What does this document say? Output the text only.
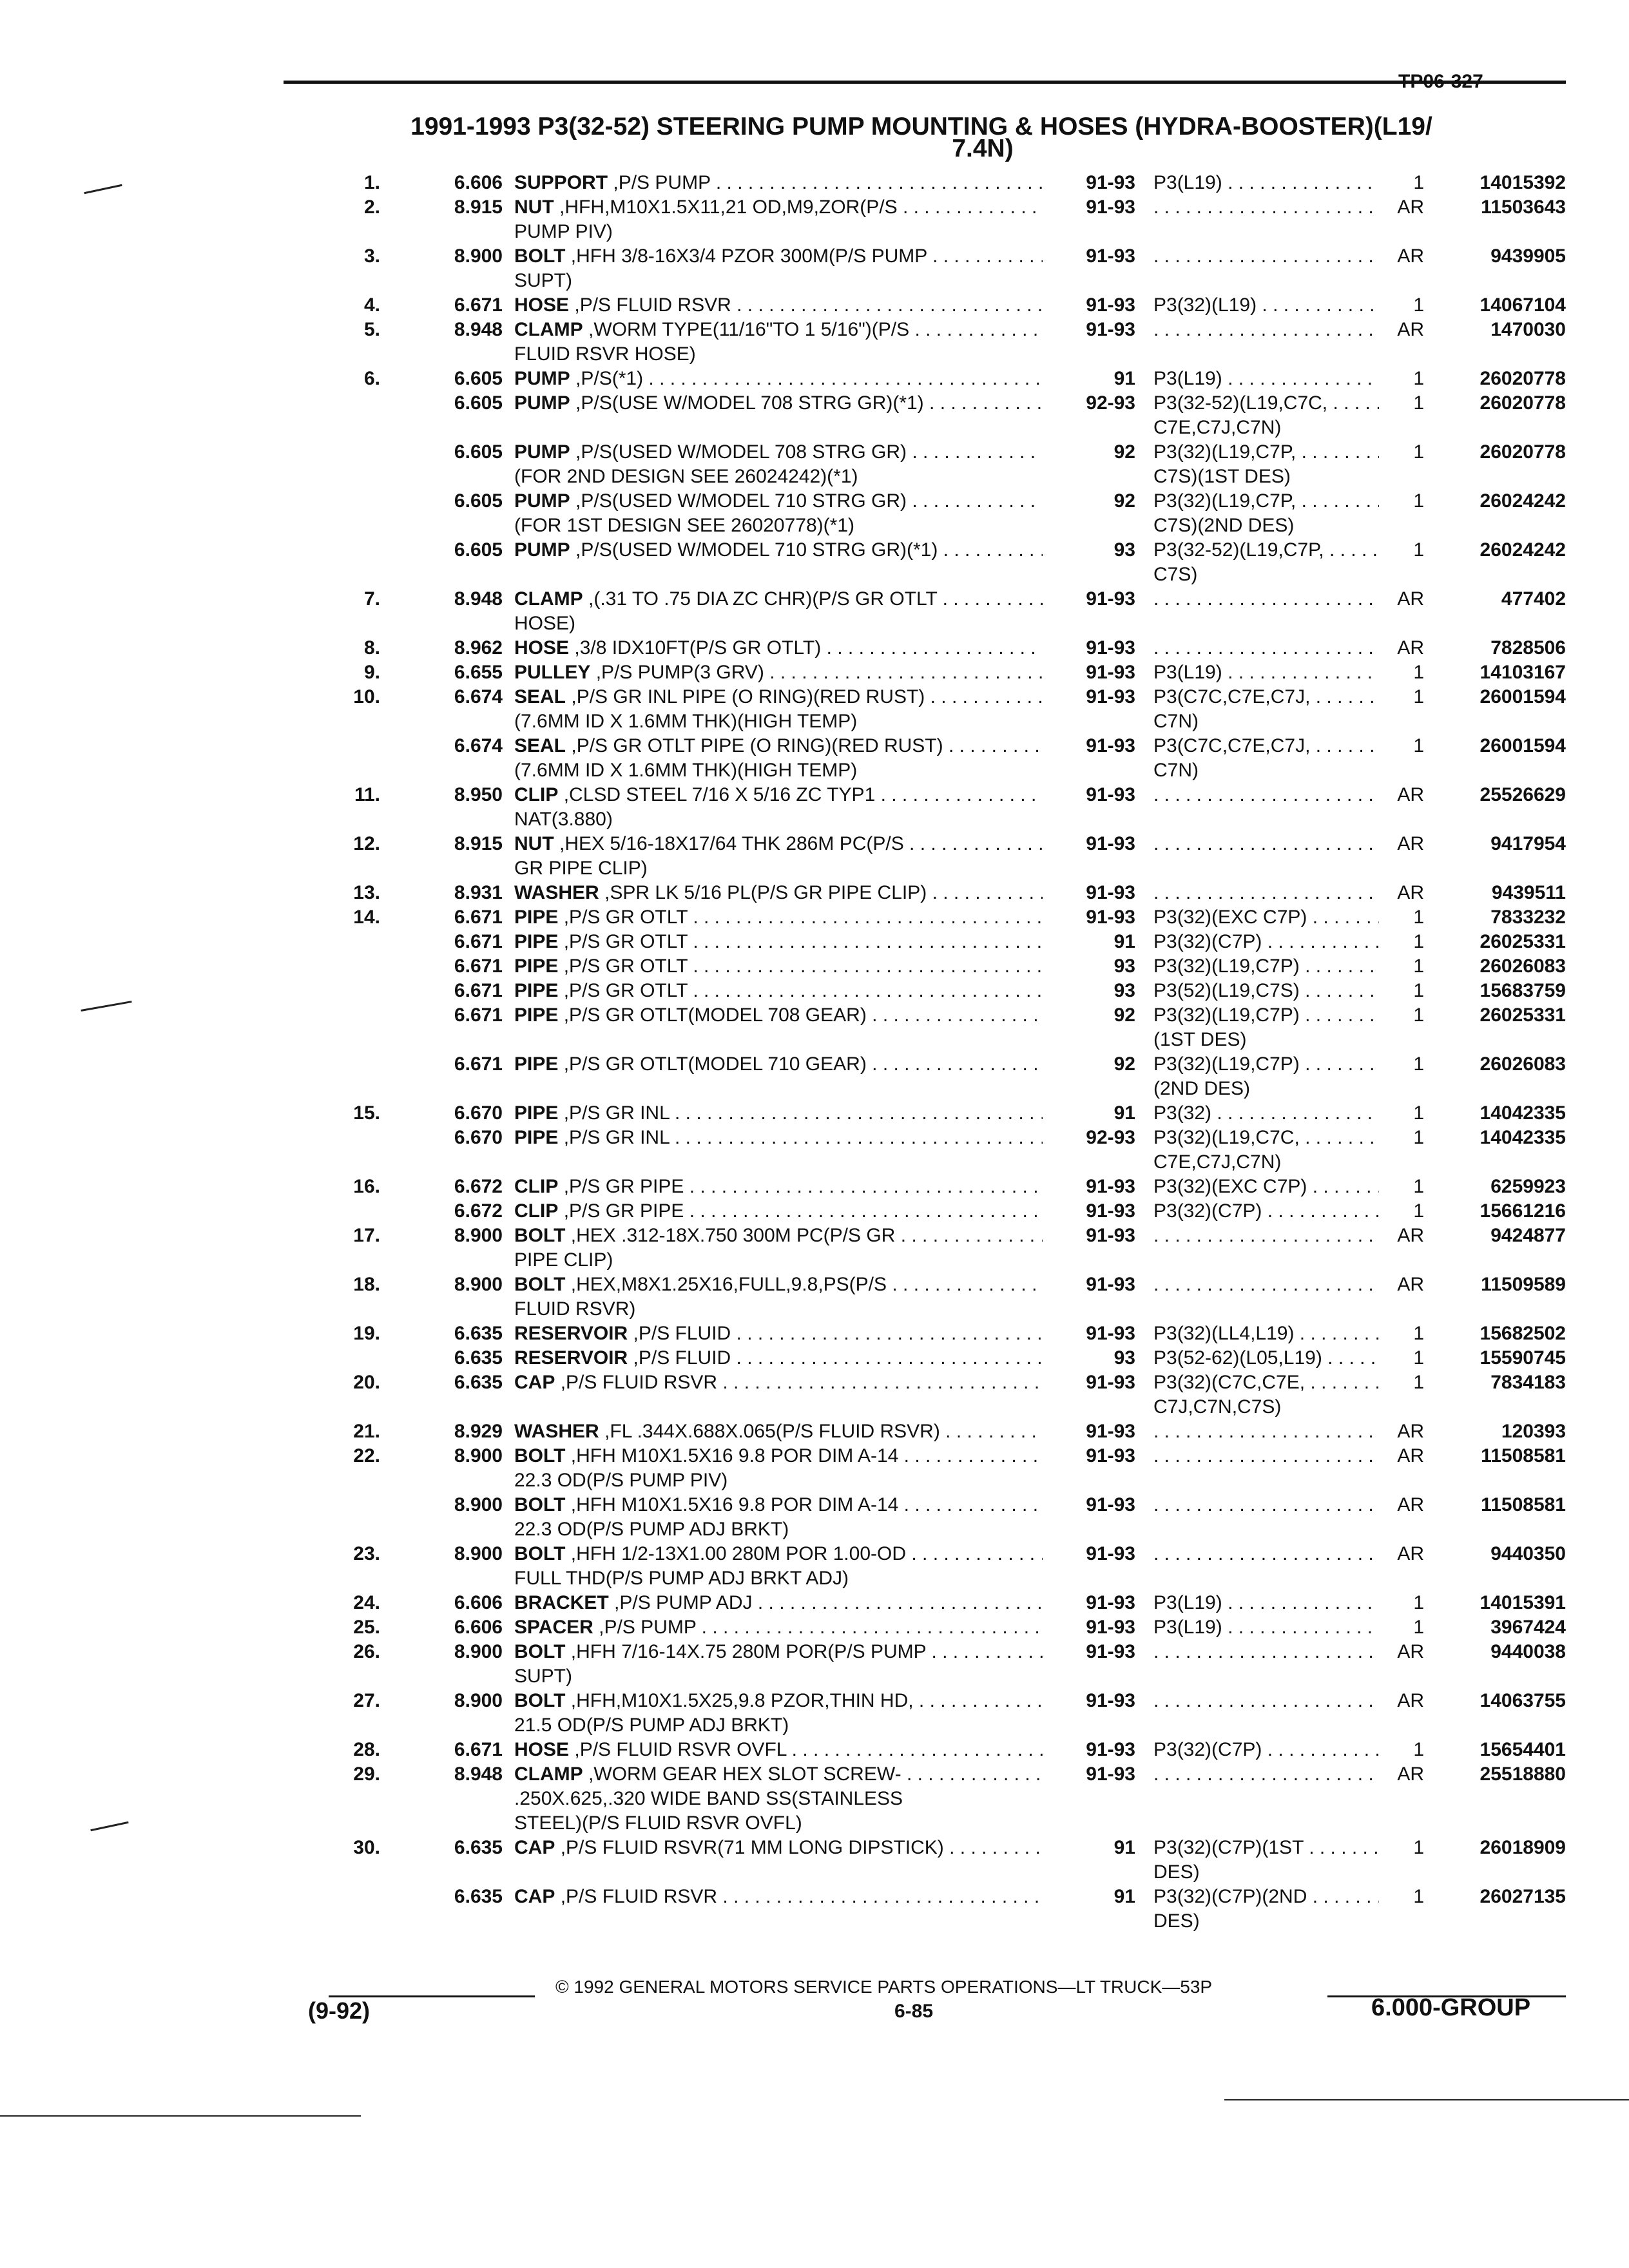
TP06-327
1991-1993 P3(32-52) STEERING PUMP MOUNTING & HOSES (HYDRA-BOOSTER)(L19/
7.4N)
1.	6.606 SUPPORT ,P/S PUMP . . .	91-93 P3(L19) . . .	1	14015392
2.	8.915 NUT ,HFH,M10X1.5X11,21 OD,M9,ZOR(P/S . . .	91-93 . . .	AR	11503643
PUMP PIV)
3.	8.900 BOLT ,HFH 3/8-16X3/4 PZOR 300M(P/S PUMP . . .	91-93 . . .	AR	9439905
SUPT)
4.	6.671 HOSE ,P/S FLUID RSVR . . .	91-93 P3(32)(L19) . . .	1	14067104
5.	8.948 CLAMP ,WORM TYPE(11/16"TO 1 5/16")(P/S . . .	91-93 . . .	AR	1470030
FLUID RSVR HOSE)
6.	6.605 PUMP ,P/S(*1) . . .	91 P3(L19) . . .	1	26020778
6.605 PUMP ,P/S(USE W/MODEL 708 STRG GR)(*1) . . .	92-93 P3(32-52)(L19,C7C, . . .	1	26020778
C7E,C7J,C7N)
6.605 PUMP ,P/S(USED W/MODEL 708 STRG GR) . . .	92 P3(32)(L19,C7P, . . .	1	26020778
(FOR 2ND DESIGN SEE 26024242)(*1)	C7S)(1ST DES)
6.605 PUMP ,P/S(USED W/MODEL 710 STRG GR) . . .	92 P3(32)(L19,C7P, . . .	1	26024242
(FOR 1ST DESIGN SEE 26020778)(*1)	C7S)(2ND DES)
6.605 PUMP ,P/S(USED W/MODEL 710 STRG GR)(*1) . . .	93 P3(32-52)(L19,C7P, . . .	1	26024242
C7S)
7.	8.948 CLAMP ,(.31 TO .75 DIA ZC CHR)(P/S GR OTLT . . .	91-93 . . .	AR	477402
HOSE)
8.	8.962 HOSE ,3/8 IDX10FT(P/S GR OTLT) . . .	91-93 . . .	AR	7828506
9.	6.655 PULLEY ,P/S PUMP(3 GRV) . . .	91-93 P3(L19) . . .	1	14103167
10.	6.674 SEAL ,P/S GR INL PIPE (O RING)(RED RUST) . . .	91-93 P3(C7C,C7E,C7J, . . .	1	26001594
(7.6MM ID X 1.6MM THK)(HIGH TEMP)	C7N)
6.674 SEAL ,P/S GR OTLT PIPE (O RING)(RED RUST) . . .	91-93 P3(C7C,C7E,C7J, . . .	1	26001594
(7.6MM ID X 1.6MM THK)(HIGH TEMP)	C7N)
11.	8.950 CLIP ,CLSD STEEL 7/16 X 5/16 ZC TYP1 . . .	91-93 . . .	AR	25526629
NAT(3.880)
12.	8.915 NUT ,HEX 5/16-18X17/64 THK 286M PC(P/S . . .	91-93 . . .	AR	9417954
GR PIPE CLIP)
13.	8.931 WASHER ,SPR LK 5/16 PL(P/S GR PIPE CLIP) . . .	91-93 . . .	AR	9439511
14.	6.671 PIPE ,P/S GR OTLT . . .	91-93 P3(32)(EXC C7P) . . .	1	7833232
6.671 PIPE ,P/S GR OTLT . . .	91 P3(32)(C7P) . . .	1	26025331
6.671 PIPE ,P/S GR OTLT . . .	93 P3(32)(L19,C7P) . . .	1	26026083
6.671 PIPE ,P/S GR OTLT . . .	93 P3(52)(L19,C7S) . . .	1	15683759
6.671 PIPE ,P/S GR OTLT(MODEL 708 GEAR) . . .	92 P3(32)(L19,C7P) . . .	1	26025331
(1ST DES)
6.671 PIPE ,P/S GR OTLT(MODEL 710 GEAR) . . .	92 P3(32)(L19,C7P) . . .	1	26026083
(2ND DES)
15.	6.670 PIPE ,P/S GR INL . . .	91 P3(32) . . .	1	14042335
6.670 PIPE ,P/S GR INL . . .	92-93 P3(32)(L19,C7C, . . .	1	14042335
C7E,C7J,C7N)
16.	6.672 CLIP ,P/S GR PIPE . . .	91-93 P3(32)(EXC C7P) . . .	1	6259923
6.672 CLIP ,P/S GR PIPE . . .	91-93 P3(32)(C7P) . . .	1	15661216
17.	8.900 BOLT ,HEX .312-18X.750 300M PC(P/S GR . . .	91-93 . . .	AR	9424877
PIPE CLIP)
18.	8.900 BOLT ,HEX,M8X1.25X16,FULL,9.8,PS(P/S . . .	91-93 . . .	AR	11509589
FLUID RSVR)
19.	6.635 RESERVOIR ,P/S FLUID . . .	91-93 P3(32)(LL4,L19) . . .	1	15682502
6.635 RESERVOIR ,P/S FLUID . . .	93 P3(52-62)(L05,L19) . . .	1	15590745
20.	6.635 CAP ,P/S FLUID RSVR . . .	91-93 P3(32)(C7C,C7E, . . .	1	7834183
C7J,C7N,C7S)
21.	8.929 WASHER ,FL .344X.688X.065(P/S FLUID RSVR) . . .	91-93 . . .	AR	120393
22.	8.900 BOLT ,HFH M10X1.5X16 9.8 POR DIM A-14 . . .	91-93 . . .	AR	11508581
22.3 OD(P/S PUMP PIV)
8.900 BOLT ,HFH M10X1.5X16 9.8 POR DIM A-14 . . .	91-93 . . .	AR	11508581
22.3 OD(P/S PUMP ADJ BRKT)
23.	8.900 BOLT ,HFH 1/2-13X1.00 280M POR 1.00-OD . . .	91-93 . . .	AR	9440350
FULL THD(P/S PUMP ADJ BRKT ADJ)
24.	6.606 BRACKET ,P/S PUMP ADJ . . .	91-93 P3(L19) . . .	1	14015391
25.	6.606 SPACER ,P/S PUMP . . .	91-93 P3(L19) . . .	1	3967424
26.	8.900 BOLT ,HFH 7/16-14X.75 280M POR(P/S PUMP . . .	91-93 . . .	AR	9440038
SUPT)
27.	8.900 BOLT ,HFH,M10X1.5X25,9.8 PZOR,THIN HD, . . .	91-93 . . .	AR	14063755
21.5 OD(P/S PUMP ADJ BRKT)
28.	6.671 HOSE ,P/S FLUID RSVR OVFL . . .	91-93 P3(32)(C7P) . . .	1	15654401
29.	8.948 CLAMP ,WORM GEAR HEX SLOT SCREW- . . .	91-93 . . .	AR	25518880
.250X.625,.320 WIDE BAND SS(STAINLESS
STEEL)(P/S FLUID RSVR OVFL)
30.	6.635 CAP ,P/S FLUID RSVR(71 MM LONG DIPSTICK) . . .	91 P3(32)(C7P)(1ST . . .	1	26018909
DES)
6.635 CAP ,P/S FLUID RSVR . . .	91 P3(32)(C7P)(2ND . . .	1	26027135
DES)
© 1992 GENERAL MOTORS SERVICE PARTS OPERATIONS—LT TRUCK—53P
(9-92)	6-85	6.000-GROUP
